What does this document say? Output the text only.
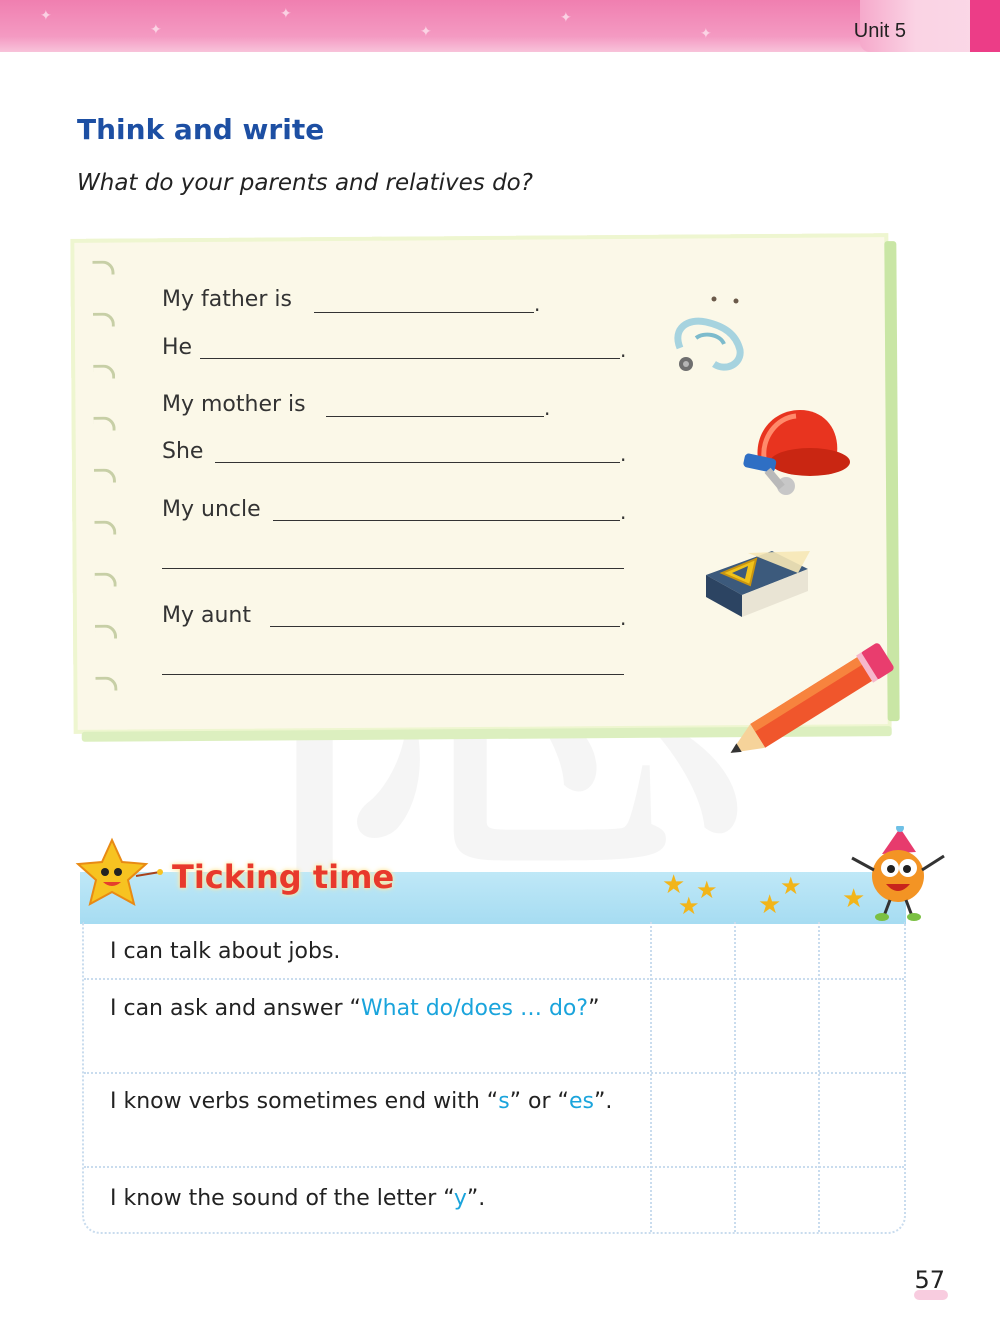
✦
✦
✦
✦
✦
✦	Unit 5
Think and write
What do your parents and relatives do?
My father is	.
He	.
My mother is	.
She	.
My uncle	.
My aunt	.
Ticking time	★ ★
★ ★
★ ★
I can talk about jobs.
I can ask and answer “What do/does … do?”
I know verbs sometimes end with “s” or “es”.
I know the sound of the letter “y”.
57
